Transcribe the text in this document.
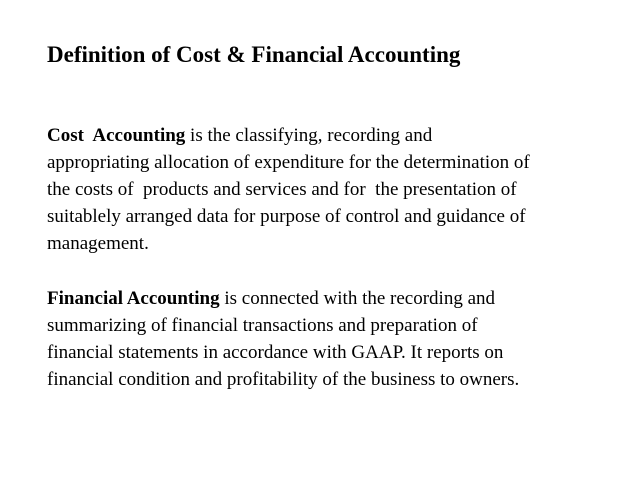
Definition of Cost & Financial Accounting

Cost  Accounting is the classifying, recording and
appropriating allocation of expenditure for the determination of
the costs of  products and services and for  the presentation of
suitablely arranged data for purpose of control and guidance of
management.

Financial Accounting is connected with the recording and
summarizing of financial transactions and preparation of
financial statements in accordance with GAAP. It reports on
financial condition and profitability of the business to owners.
